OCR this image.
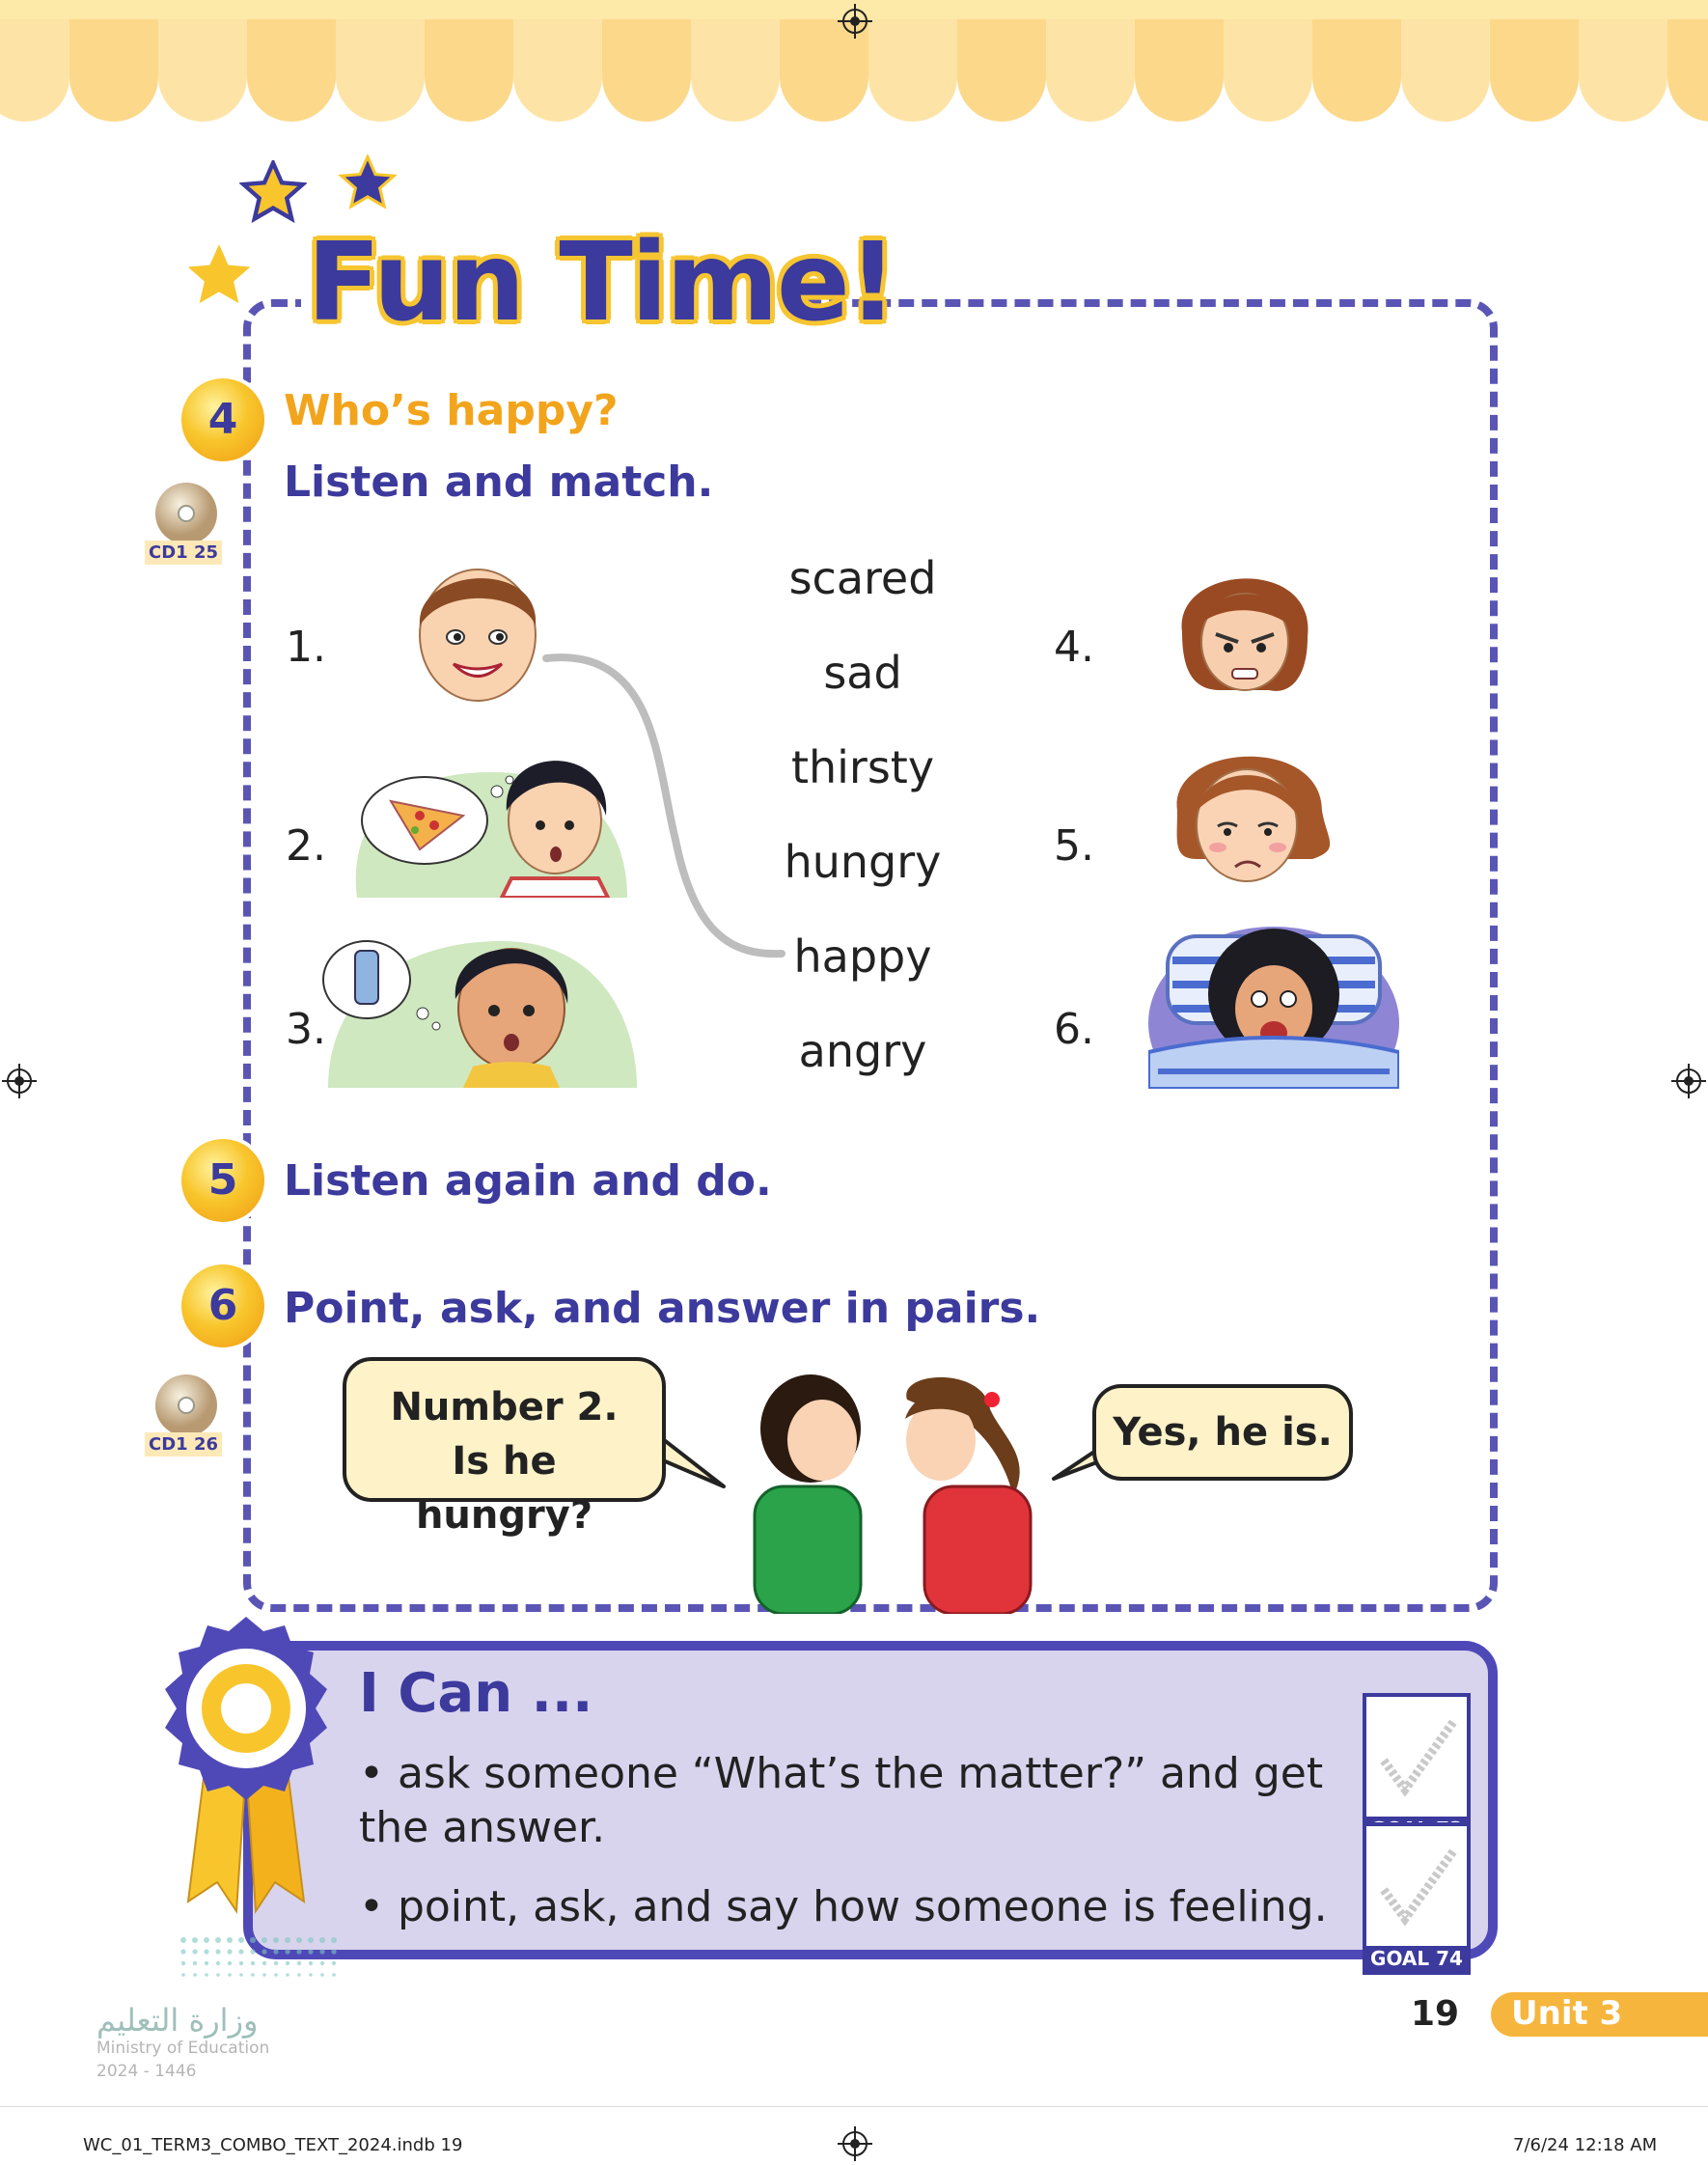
Fun Time!
4	Who’s happy?
Listen and match.
CD1 25
1.
2.
3.
4.
5.
6.
scared
sad
thirsty
hungry
happy
angry
5	Listen again and do.
6	Point, ask, and answer in pairs.
CD1 26
Number 2. Is he hungry?
Yes, he is.
I Can ...
• ask someone “What’s the matter?” and get the answer.
• point, ask, and say how someone is feeling.
GOAL 74
وزارة التعليم
Ministry of Education
2024 - 1446
19 Unit 3
WC_01_TERM3_COMBO_TEXT_2024.indb 19	7/6/24 12:18 AM
